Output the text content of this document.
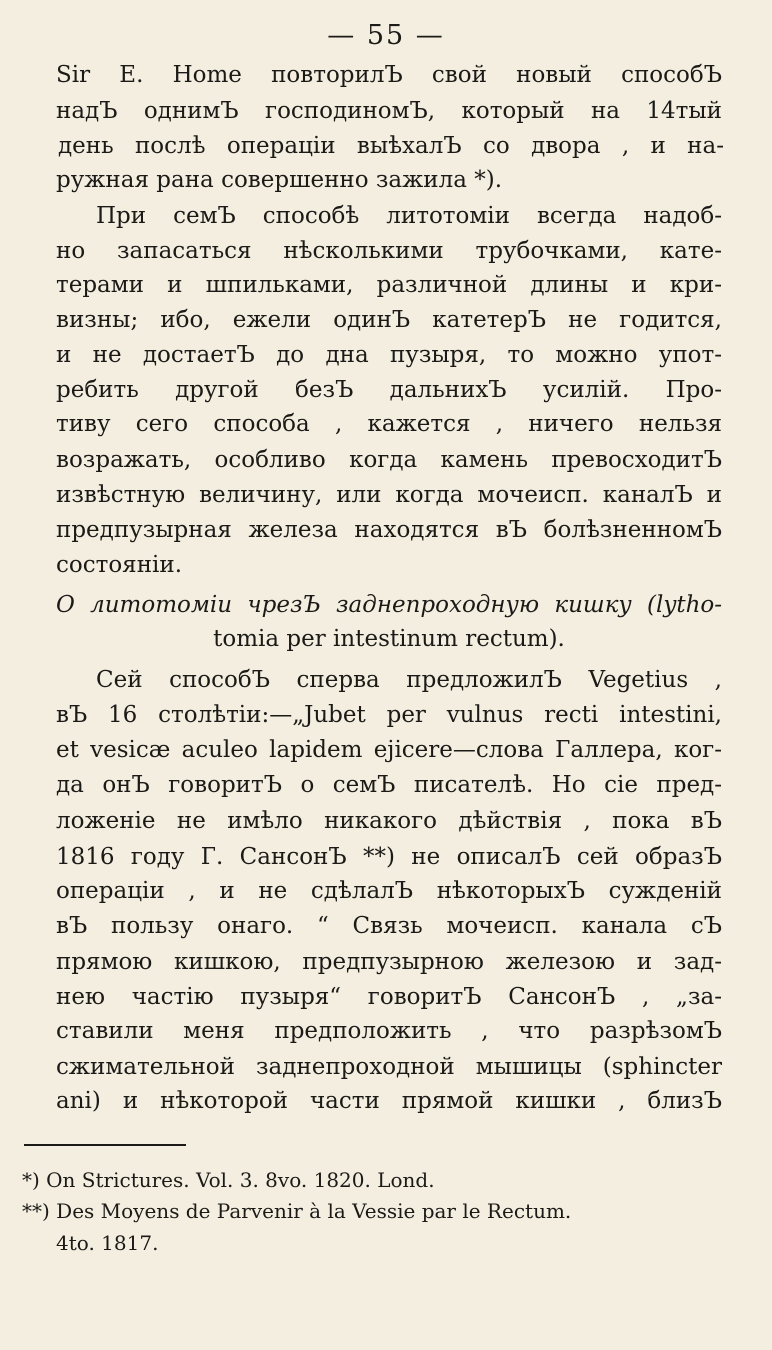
— 55 —
Sir E. Home повторилЪ свой новый способЪ
надЪ однимЪ господиномЪ, который на 14тый
день послѣ операціи выѣхалЪ со двора , и на-
ружная рана совершенно зажила *).
При семЪ способѣ литотоміи всегда надоб-
но запасаться нѣсколькими трубочками, кате-
терами и шпильками, различной длины и кри-
визны; ибо, ежели одинЪ катетерЪ не годится,
и не достаетЪ до дна пузыря, то можно упот-
ребить другой безЪ дальнихЪ усилій. Про-
тиву сего способа , кажется , ничего нельзя
возражать, особливо когда камень превосходитЪ
извѣстную величину, или когда мочеисп. каналЪ и
предпузырная железа находятся вЪ болѣзненномЪ
состояніи.
О литотоміи чрезЪ заднепроходную кишку (lytho-
tomia per intestinum rectum).
Сей способЪ сперва предложилЪ Vegetius ,
вЪ 16 столѣтіи:—„Jubet per vulnus recti intestini,
et vesicæ aculeo lapidem ejicere—слова Галлера, ког-
да онЪ говоритЪ о семЪ писателѣ. Но сіе пред-
ложеніе не имѣло никакого дѣйствія , пока вЪ
1816 году Г. СансонЪ **) не описалЪ сей образЪ
операціи , и не сдѣлалЪ нѣкоторыхЪ сужденій
вЪ пользу онаго. “ Связь мочеисп. канала сЪ
прямою кишкою, предпузырною железою и зад-
нею частію пузыря“ говоритЪ СансонЪ , „за-
ставили меня предположить , что разрѣзомЪ
сжимательной заднепроходной мышицы (sphincter
ani) и нѣкоторой части прямой кишки , близЪ
*) On Strictures. Vol. 3. 8vo. 1820. Lond.
**) Des Moyens de Parvenir à la Vessie par le Rectum.
4to. 1817.
